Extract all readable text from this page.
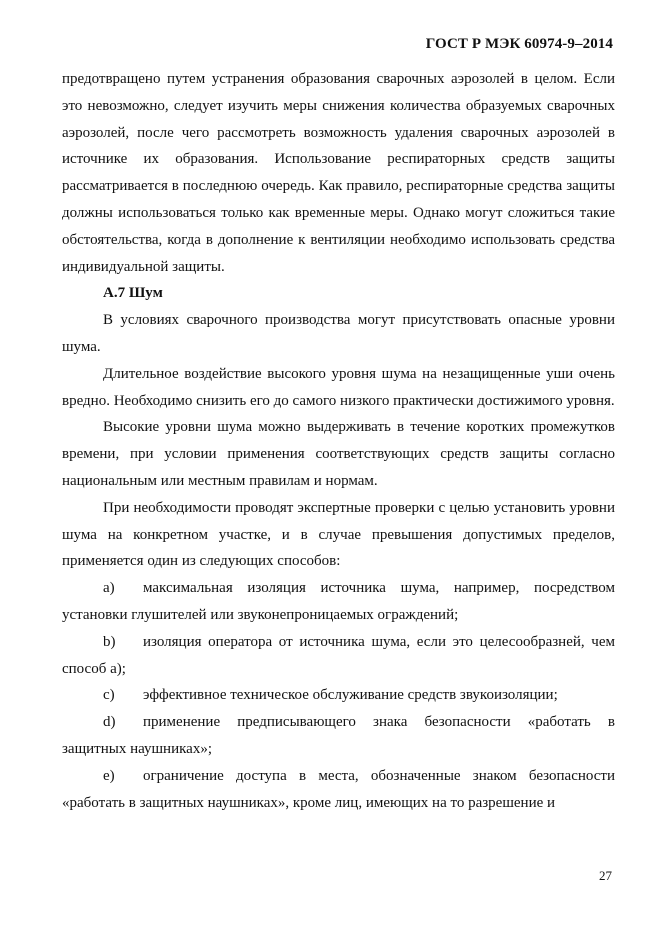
ГОСТ Р МЭК 60974-9–2014

предотвращено путем устранения образования сварочных аэрозолей в целом. Если это невозможно, следует изучить меры снижения количества образуемых сварочных аэрозолей, после чего рассмотреть возможность удаления сварочных аэрозолей в источнике их образования. Использование респираторных средств защиты рассматривается в последнюю очередь. Как правило, респираторные средства защиты должны использоваться только как временные меры. Однако могут сложиться такие обстоятельства, когда в дополнение к вентиляции необходимо использовать средства индивидуальной защиты.

А.7 Шум

В условиях сварочного производства могут присутствовать опасные уровни шума.

Длительное воздействие высокого уровня шума на незащищенные уши очень вредно. Необходимо снизить его до самого низкого практически достижимого уровня.

Высокие уровни шума можно выдерживать в течение коротких промежутков времени, при условии применения соответствующих средств защиты согласно национальным или местным правилам и нормам.

При необходимости проводят экспертные проверки с целью установить уровни шума на конкретном участке, и в случае превышения допустимых пределов, применяется один из следующих способов:

a) максимальная изоляция источника шума, например, посредством установки глушителей или звуконепроницаемых ограждений;

b) изоляция оператора от источника шума, если это целесообразней, чем способ а);

c) эффективное техническое обслуживание средств звукоизоляции;

d) применение предписывающего знака безопасности «работать в защитных наушниках»;

e) ограничение доступа в места, обозначенные знаком безопасности «работать в защитных наушниках», кроме лиц, имеющих на то разрешение и

27
